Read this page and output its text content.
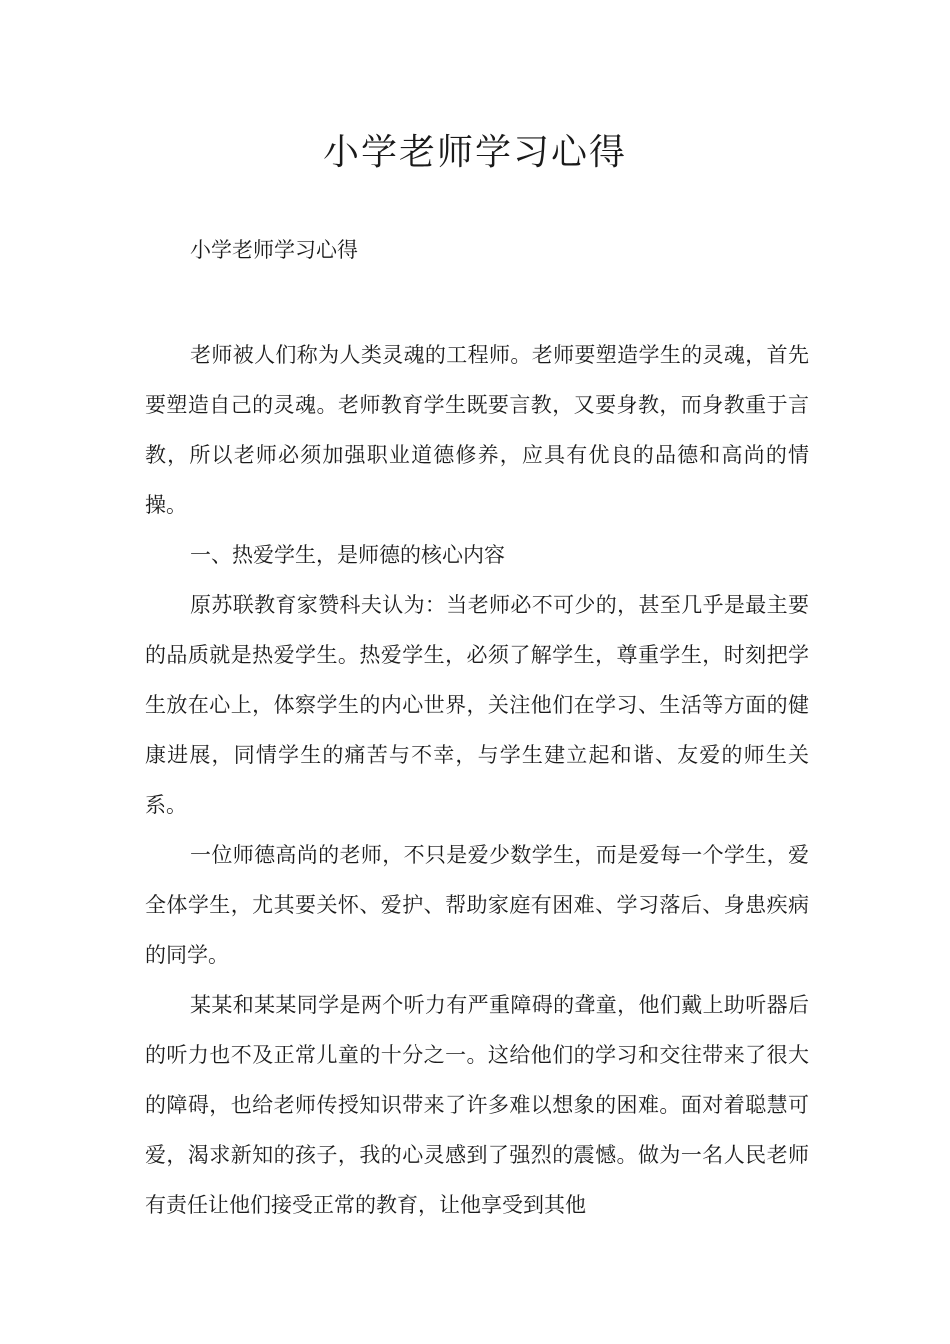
小学老师学习心得
小学老师学习心得

老师被人们称为人类灵魂的工程师。老师要塑造学生的灵魂，首先要塑造自己的灵魂。老师教育学生既要言教，又要身教，而身教重于言教，所以老师必须加强职业道德修养，应具有优良的品德和高尚的情操。

一、热爱学生，是师德的核心内容

原苏联教育家赞科夫认为：当老师必不可少的，甚至几乎是最主要的品质就是热爱学生。热爱学生，必须了解学生，尊重学生，时刻把学生放在心上，体察学生的内心世界，关注他们在学习、生活等方面的健康进展，同情学生的痛苦与不幸，与学生建立起和谐、友爱的师生关系。

一位师德高尚的老师，不只是爱少数学生，而是爱每一个学生，爱全体学生，尤其要关怀、爱护、帮助家庭有困难、学习落后、身患疾病的同学。

某某和某某同学是两个听力有严重障碍的聋童，他们戴上助听器后的听力也不及正常儿童的十分之一。这给他们的学习和交往带来了很大的障碍，也给老师传授知识带来了许多难以想象的困难。面对着聪慧可爱，渴求新知的孩子，我的心灵感到了强烈的震憾。做为一名人民老师有责任让他们接受正常的教育，让他享受到其他
